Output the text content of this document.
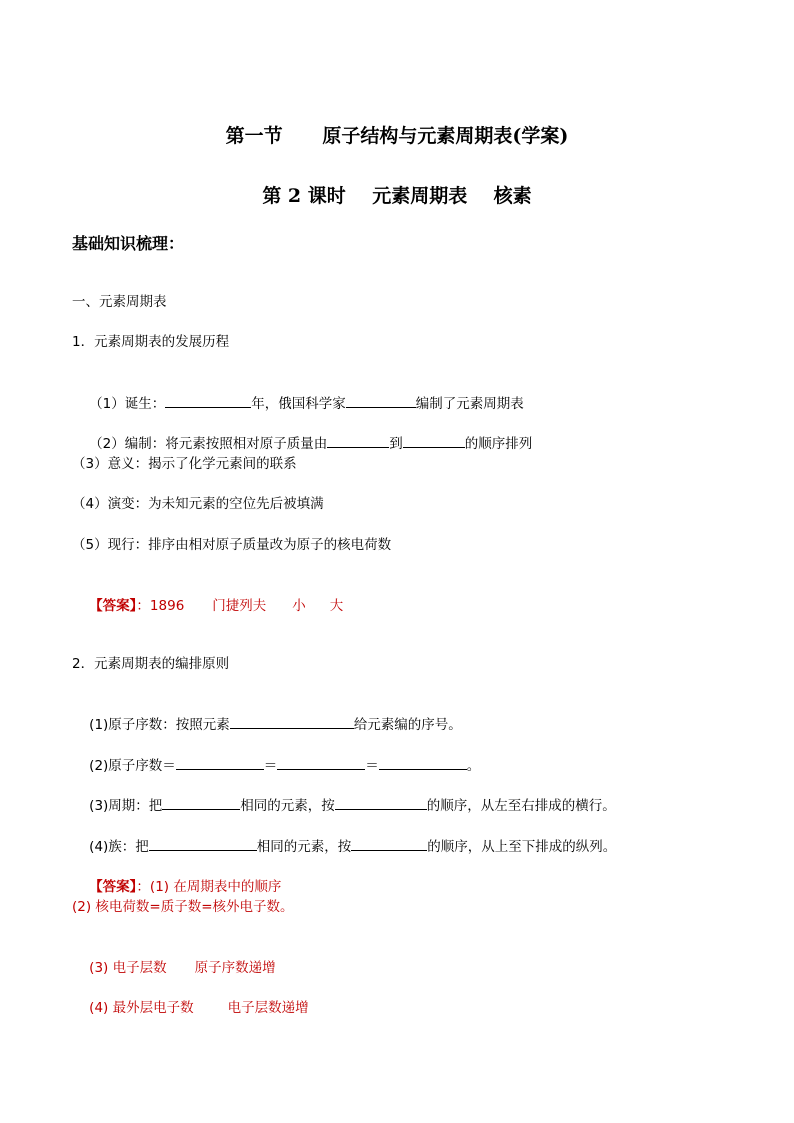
第一节      原子结构与元素周期表(学案)
第 2 课时    元素周期表    核素
基础知识梳理：
一、元素周期表
1．元素周期表的发展历程

（1）诞生：	年，俄国科学家	编制了元素周期表

（2）编制：将元素按照相对原子质量由	到	的顺序排列

（3）意义：揭示了化学元素间的联系
（4）演变：为未知元素的空位先后被填满
（5）现行：排序由相对原子质量改为原子的核电荷数

【答案】：1896 门捷列夫 小 大

2．元素周期表的编排原则

(1)原子序数：按照元素	给元素编的序号。

(2)原子序数＝	＝	＝	。

(3)周期：把	相同的元素，按	的顺序，从左至右排成的横行。

(4)族：把	相同的元素，按	的顺序，从上至下排成的纵列。

【答案】：(1) 在周期表中的顺序

(2) 核电荷数=质子数=核外电子数。

(3) 电子层数 原子序数递增

(4) 最外层电子数	电子层数递增
